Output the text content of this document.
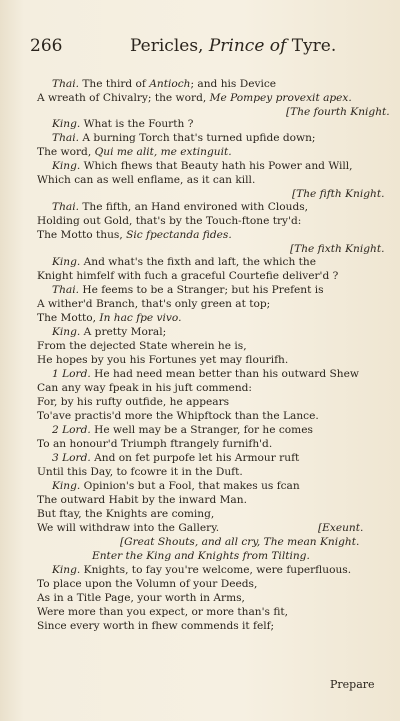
266	Pericles, Prince of Tyre.
Thai. The third of Antioch; and his Device
A wreath of Chivalry; the word, Me Pompey provexit apex.
[The fourth Knight.
King. What is the Fourth ?
Thai. A burning Torch that's turned upfide down;
The word, Qui me alit, me extinguit.
King. Which fhews that Beauty hath his Power and Will,
Which can as well enflame, as it can kill.
[The fifth Knight.
Thai. The fifth, an Hand environed with Clouds,
Holding out Gold, that's by the Touch-ftone try'd:
The Motto thus, Sic fpectanda fides.
[The fixth Knight.
King. And what's the fixth and laft, the which the
Knight himfelf with fuch a graceful Courtefie deliver'd ?
Thai. He feems to be a Stranger; but his Prefent is
A wither'd Branch, that's only green at top;
The Motto, In hac fpe vivo.
King. A pretty Moral;
From the dejected State wherein he is,
He hopes by you his Fortunes yet may flourifh.
1 Lord. He had need mean better than his outward Shew
Can any way fpeak in his juft commend:
For, by his rufty outfide, he appears
To'ave practis'd more the Whipftock than the Lance.
2 Lord. He well may be a Stranger, for he comes
To an honour'd Triumph ftrangely furnifh'd.
3 Lord. And on fet purpofe let his Armour ruft
Until this Day, to fcowre it in the Duft.
King. Opinion's but a Fool, that makes us fcan
The outward Habit by the inward Man.
But ftay, the Knights are coming,
We will withdraw into the Gallery.	[Exeunt.
[Great Shouts, and all cry, The mean Knight.
Enter the King and Knights from Tilting.
King. Knights, to fay you're welcome, were fuperfluous.
To place upon the Volumn of your Deeds,
As in a Title Page, your worth in Arms,
Were more than you expect, or more than's fit,
Since every worth in fhew commends it felf;
Prepare
